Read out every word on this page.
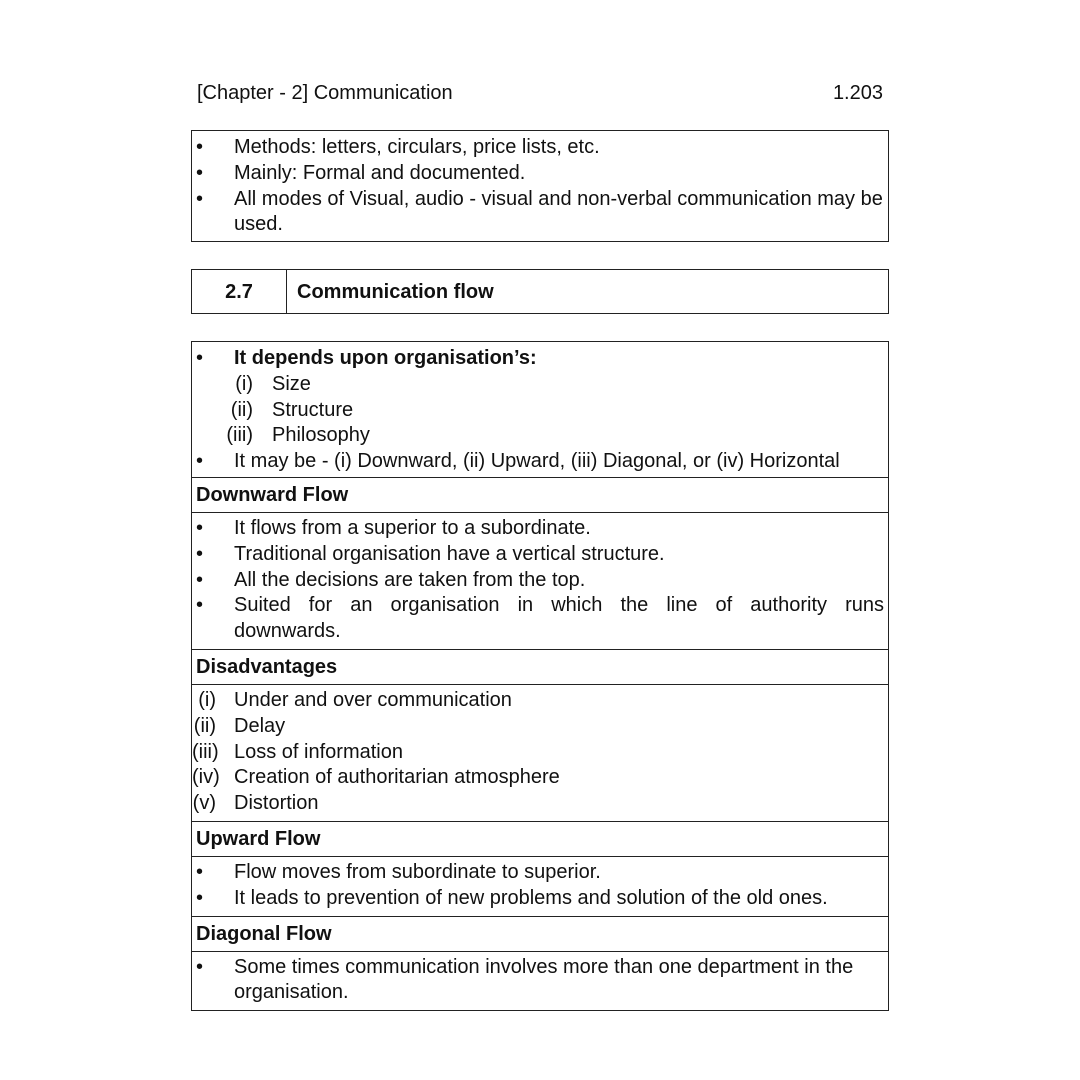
[Chapter - 2] Communication	1.203
•	Methods: letters, circulars, price lists, etc.
•	Mainly: Formal and documented.
•	All modes of Visual, audio - visual and non-verbal communication may be used.
2.7	Communication flow
•	It depends upon organisation’s:
(i) Size
(ii) Structure
(iii) Philosophy
•	It may be - (i) Downward, (ii) Upward, (iii) Diagonal, or (iv) Horizontal
Downward Flow
•	It flows from a superior to a subordinate.
•	Traditional organisation have a vertical structure.
•	All the decisions are taken from the top.
•	Suited for an organisation in which the line of authority runs
downwards.
Disadvantages
(i) Under and over communication
(ii) Delay
(iii) Loss of information
(iv) Creation of authoritarian atmosphere
(v) Distortion
Upward Flow
•	Flow moves from subordinate to superior.
•	It leads to prevention of new problems and solution of the old ones.
Diagonal Flow
•	Some times communication involves more than one department in the
organisation.
